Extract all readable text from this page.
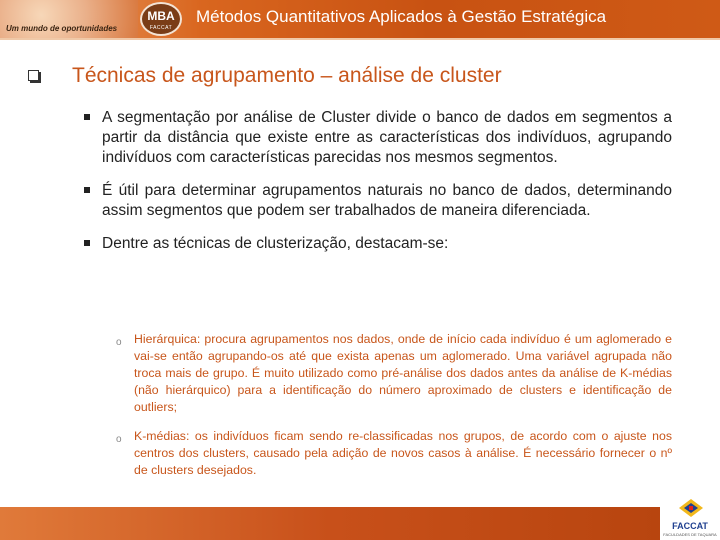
Um mundo de oportunidades
MBA
FACCAT
Métodos Quantitativos Aplicados à Gestão Estratégica
Técnicas de agrupamento – análise de cluster
A segmentação por análise de Cluster divide o banco de dados em segmentos a partir da distância que existe entre as características dos indivíduos, agrupando indivíduos com características parecidas nos mesmos segmentos.
É útil para determinar agrupamentos naturais no banco de dados, determinando assim segmentos que podem ser trabalhados de maneira diferenciada.
Dentre as técnicas de clusterização, destacam-se:
o Hierárquica: procura agrupamentos nos dados, onde de início cada indivíduo é um aglomerado e vai-se então agrupando-os até que exista apenas um aglomerado. Uma variável agrupada não troca mais de grupo. É muito utilizado como pré-análise dos dados antes da análise de K-médias (não hierárquico) para a identificação do número aproximado de clusters e identificação de outliers;
o K-médias: os indivíduos ficam sendo re-classificadas nos grupos, de acordo com o ajuste nos centros dos clusters, causado pela adição de novos casos à análise. É necessário fornecer o nº de clusters desejados.
FACCAT
FACULDADES DE TAQUARA
